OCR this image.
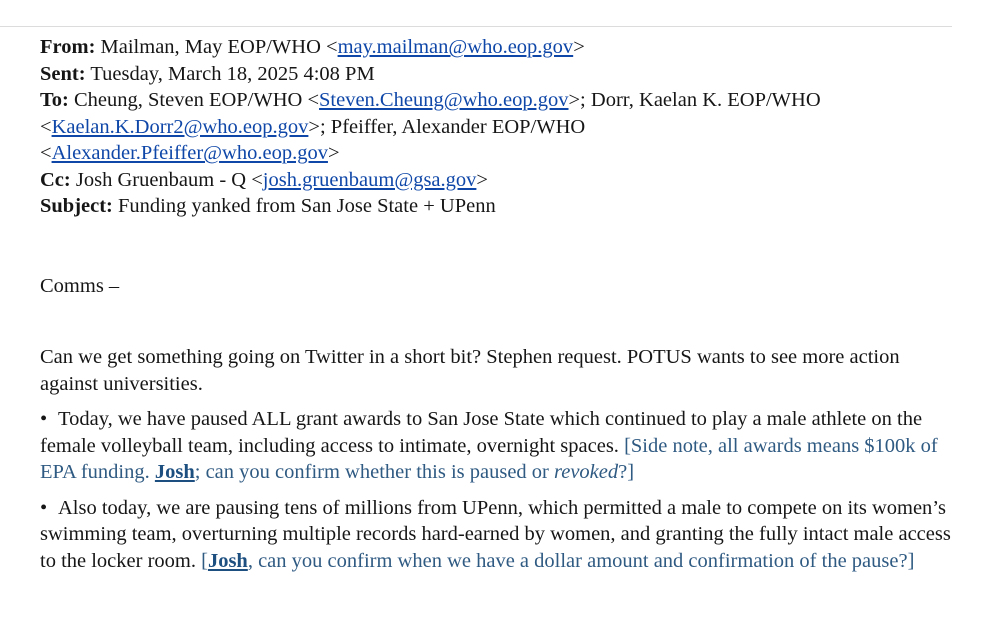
From: Mailman, May EOP/WHO <may.mailman@who.eop.gov>
Sent: Tuesday, March 18, 2025 4:08 PM
To: Cheung, Steven EOP/WHO <Steven.Cheung@who.eop.gov>; Dorr, Kaelan K. EOP/WHO
<Kaelan.K.Dorr2@who.eop.gov>; Pfeiffer, Alexander EOP/WHO
<Alexander.Pfeiffer@who.eop.gov>
Cc: Josh Gruenbaum - Q <josh.gruenbaum@gsa.gov>
Subject: Funding yanked from San Jose State + UPenn

Comms –

Can we get something going on Twitter in a short bit? Stephen request. POTUS wants to see more action against universities.

• Today, we have paused ALL grant awards to San Jose State which continued to play a male athlete on the female volleyball team, including access to intimate, overnight spaces. [Side note, all awards means $100k of EPA funding. Josh; can you confirm whether this is paused or revoked?]

• Also today, we are pausing tens of millions from UPenn, which permitted a male to compete on its women’s swimming team, overturning multiple records hard-earned by women, and granting the fully intact male access to the locker room. [Josh, can you confirm when we have a dollar amount and confirmation of the pause?]
